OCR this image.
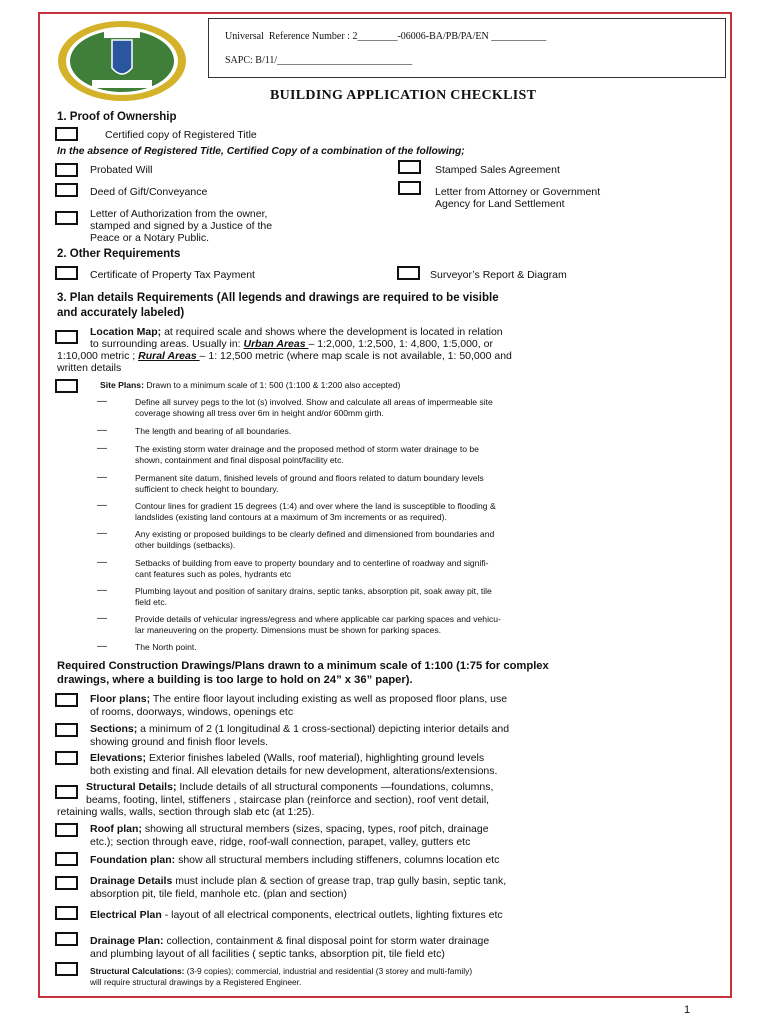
Universal  Reference Number : 2________-06006-BA/PB/PA/EN ___________
SAPC: B/11/___________________________
BUILDING APPLICATION CHECKLIST
1. Proof of Ownership
Certified copy of Registered Title
In the absence of Registered Title, Certified Copy of a combination of the following;
Probated Will	Stamped Sales Agreement
Deed of Gift/Conveyance	Letter from Attorney or Government
Agency for Land Settlement
Letter of Authorization from the owner,
stamped and signed by a Justice of the
Peace or a Notary Public.
2. Other Requirements
Certificate of Property Tax Payment	Surveyor’s Report & Diagram
3. Plan details Requirements (All legends and drawings are required to be visible
and accurately labeled)
Location Map; at required scale and shows where the development is located in relation
to surrounding areas. Usually in: Urban Areas – 1:2,000, 1:2,500, 1: 4,800, 1:5,000, or
1:10,000 metric ; Rural Areas – 1: 12,500 metric (where map scale is not available, 1: 50,000 and
written details
Site Plans: Drawn to a minimum scale of 1: 500 (1:100 & 1:200 also accepted)
—	Define all survey pegs to the lot (s) involved. Show and calculate all areas of impermeable site
coverage showing all tress over 6m in height and/or 600mm girth.
—	The length and bearing of all boundaries.
—	The existing storm water drainage and the proposed method of storm water drainage to be
shown, containment and final disposal point/facility etc.
—	Permanent site datum, finished levels of ground and floors related to datum boundary levels
sufficient to check height to boundary.
—	Contour lines for gradient 15 degrees (1:4) and over where the land is susceptible to flooding &
landslides (existing land contours at a maximum of 3m increments or as required).
—	Any existing or proposed buildings to be clearly defined and dimensioned from boundaries and
other buildings (setbacks).
—	Setbacks of building from eave to property boundary and to centerline of roadway and signifi-
cant features such as poles, hydrants etc
—	Plumbing layout and position of sanitary drains, septic tanks, absorption pit, soak away pit, tile
field etc.
—	Provide details of vehicular ingress/egress and where applicable car parking spaces and vehicu-
lar maneuvering on the property. Dimensions must be shown for parking spaces.
—	The North point.
Required Construction Drawings/Plans drawn to a minimum scale of 1:100 (1:75 for complex
drawings, where a building is too large to hold on 24” x 36” paper).
Floor plans; The entire floor layout including existing as well as proposed floor plans, use
of rooms, doorways, windows, openings etc
Sections; a minimum of 2 (1 longitudinal & 1 cross-sectional) depicting interior details and
showing ground and finish floor levels.
Elevations; Exterior finishes labeled (Walls, roof material), highlighting ground levels
both existing and final. All elevation details for new development, alterations/extensions.
Structural Details; Include details of all structural components —foundations, columns,
beams, footing, lintel, stiffeners , staircase plan (reinforce and section), roof vent detail,
retaining walls, walls, section through slab etc (at 1:25).
Roof plan; showing all structural members (sizes, spacing, types, roof pitch, drainage
etc.); section through eave, ridge, roof-wall connection, parapet, valley, gutters etc
Foundation plan: show all structural members including stiffeners, columns location etc
Drainage Details must include plan & section of grease trap, trap gully basin, septic tank,
absorption pit, tile field, manhole etc. (plan and section)
Electrical Plan - layout of all electrical components, electrical outlets, lighting fixtures etc
Drainage Plan: collection, containment & final disposal point for storm water drainage
and plumbing layout of all facilities ( septic tanks, absorption pit, tile field etc)
Structural Calculations: (3-9 copies); commercial, industrial and residential (3 storey and multi-family)
will require structural drawings by a Registered Engineer.
1
